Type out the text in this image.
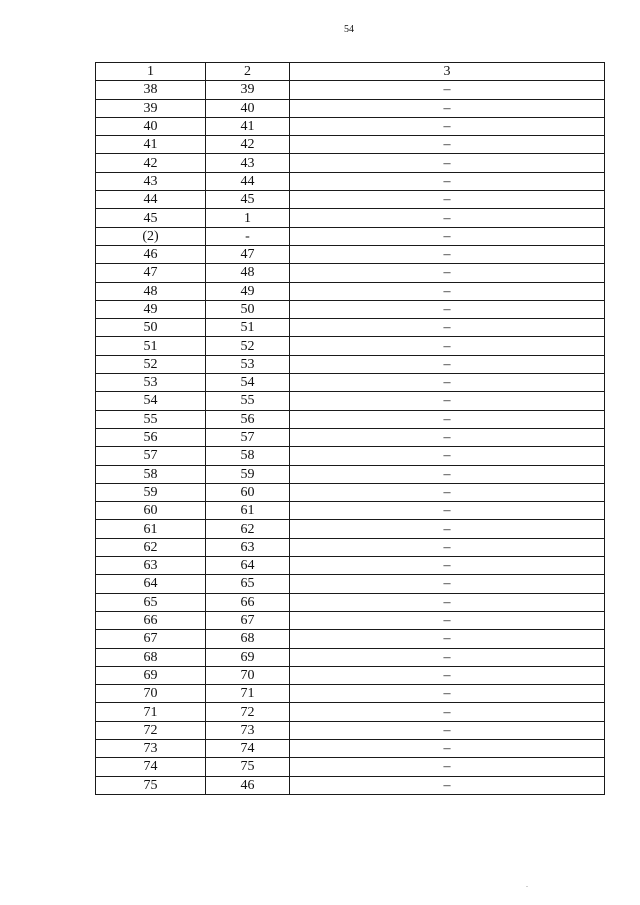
54
1	2	3
38	39	–
39	40	–
40	41	–
41	42	–
42	43	–
43	44	–
44	45	–
45	1	–
(2)	-	–
46	47	–
47	48	–
48	49	–
49	50	–
50	51	–
51	52	–
52	53	–
53	54	–
54	55	–
55	56	–
56	57	–
57	58	–
58	59	–
59	60	–
60	61	–
61	62	–
62	63	–
63	64	–
64	65	–
65	66	–
66	67	–
67	68	–
68	69	–
69	70	–
70	71	–
71	72	–
72	73	–
73	74	–
74	75	–
75	46	–
